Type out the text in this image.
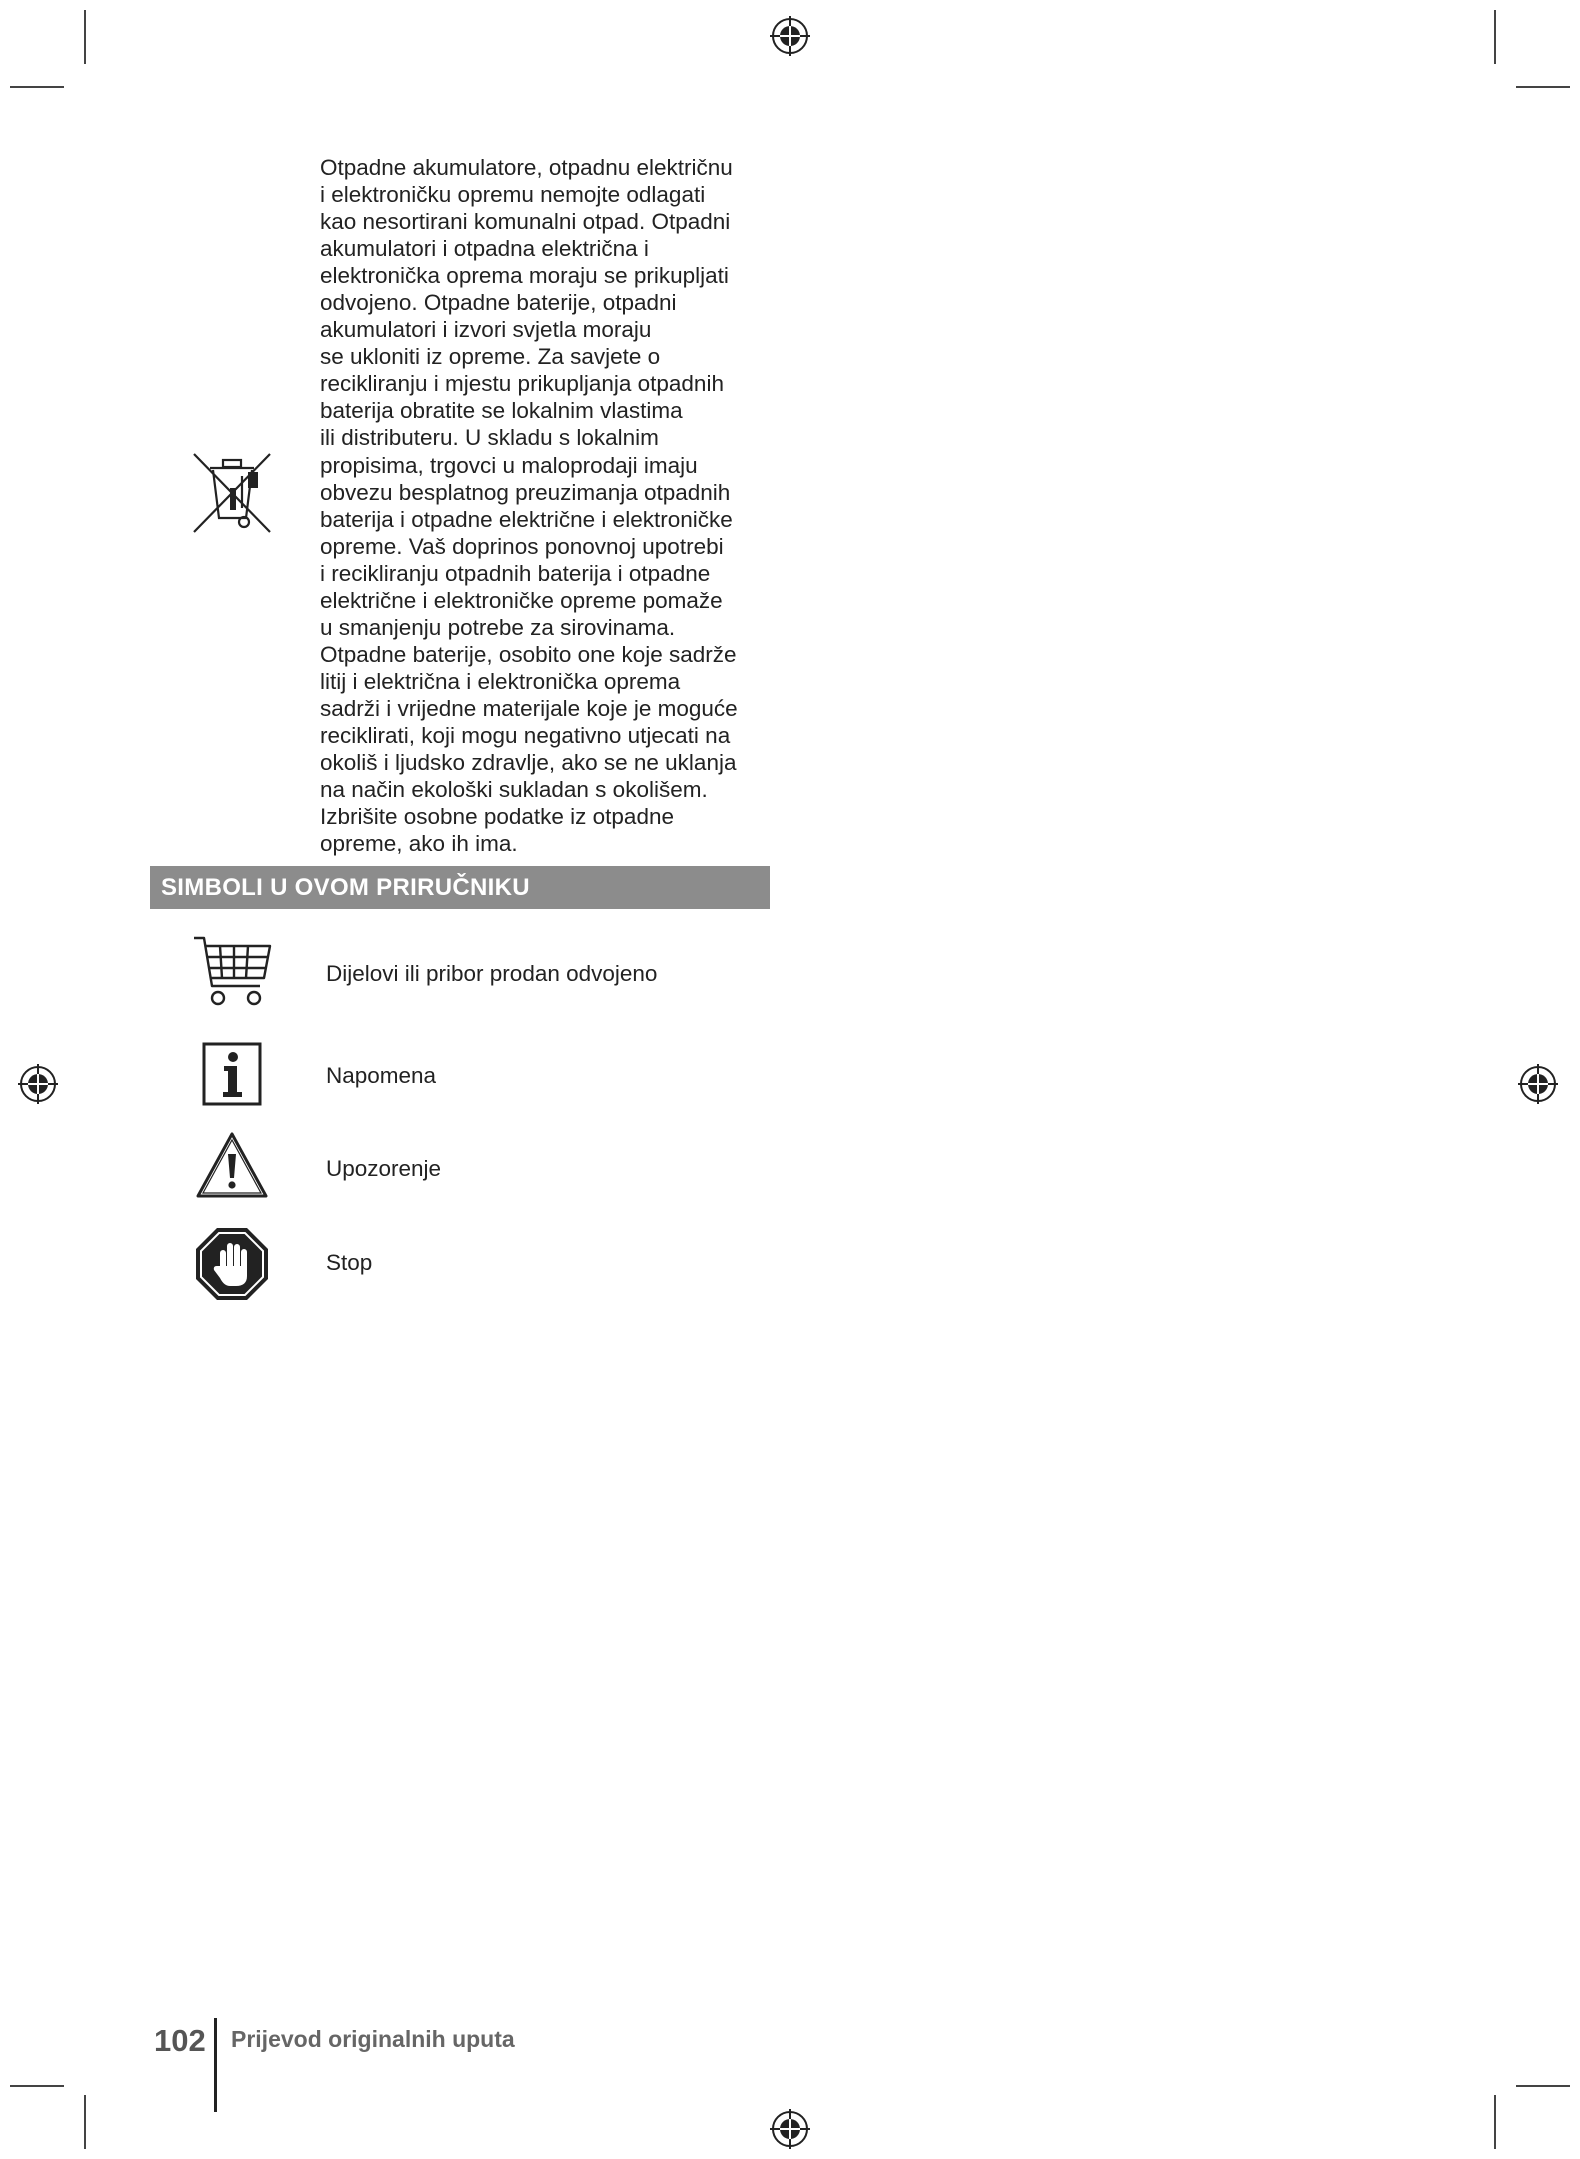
Otpadne akumulatore, otpadnu električnu
i elektroničku opremu nemojte odlagati
kao nesortirani komunalni otpad. Otpadni
akumulatori i otpadna električna i
elektronička oprema moraju se prikupljati
odvojeno. Otpadne baterije, otpadni
akumulatori i izvori svjetla moraju
se ukloniti iz opreme. Za savjete o
recikliranju i mjestu prikupljanja otpadnih
baterija obratite se lokalnim vlastima
ili distributeru. U skladu s lokalnim
propisima, trgovci u maloprodaji imaju
obvezu besplatnog preuzimanja otpadnih
baterija i otpadne električne i elektroničke
opreme. Vaš doprinos ponovnoj upotrebi
i recikliranju otpadnih baterija i otpadne
električne i elektroničke opreme pomaže
u smanjenju potrebe za sirovinama.
Otpadne baterije, osobito one koje sadrže
litij i električna i elektronička oprema
sadrži i vrijedne materijale koje je moguće
reciklirati, koji mogu negativno utjecati na
okoliš i ljudsko zdravlje, ako se ne uklanja
na način ekološki sukladan s okolišem.
Izbrišite osobne podatke iz otpadne
opreme, ako ih ima.
SIMBOLI U OVOM PRIRUČNIKU
Dijelovi ili pribor prodan odvojeno
Napomena
Upozorenje
Stop
102 Prijevod originalnih uputa
